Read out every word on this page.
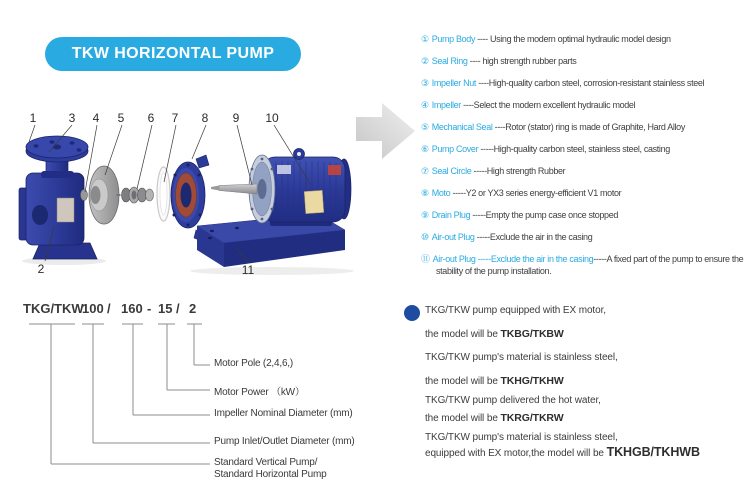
TKW HORIZONTAL PUMP
1	3 4 5 6 7 8 9 10
2	11
① Pump Body ---- Using the modern optimal hydraulic model design
② Seal Ring ---- high strength rubber parts
③ Impeller Nut ----High-quality carbon steel, corrosion-resistant stainless steel
④ Impeller ----Select the modern excellent hydraulic model
⑤ Mechanical Seal ----Rotor (stator) ring is made of Graphite, Hard Alloy
⑥ Pump Cover -----High-quality carbon steel, stainless steel, casting
⑦ Seal Circle -----High strength Rubber
⑧ Moto -----Y2 or YX3 series energy-efficient V1 motor
⑨ Drain Plug -----Empty the pump case once stopped
⑩ Air-out Plug -----Exclude the air in the casing
⑪ Air-out Plug -----Exclude the air in the casing-----A fixed part of the pump to ensure the stability of the pump installation.
TKG/TKW
100 / 160 - 15 / 2
Motor Pole (2,4,6,)
Motor Power （kW）
Impeller Nominal Diameter (mm)
Pump Inlet/Outlet Diameter (mm)
Standard Vertical Pump/
Standard Horizontal Pump
TKG/TKW pump equipped with EX motor,
the model will be TKBG/TKBW
TKG/TKW pump's material is stainless steel,
the model will be TKHG/TKHW
TKG/TKW pump delivered the hot water,
the model will be TKRG/TKRW
TKG/TKW pump's material is stainless steel,
equipped with EX motor,the model will be TKHGB/TKHWB
